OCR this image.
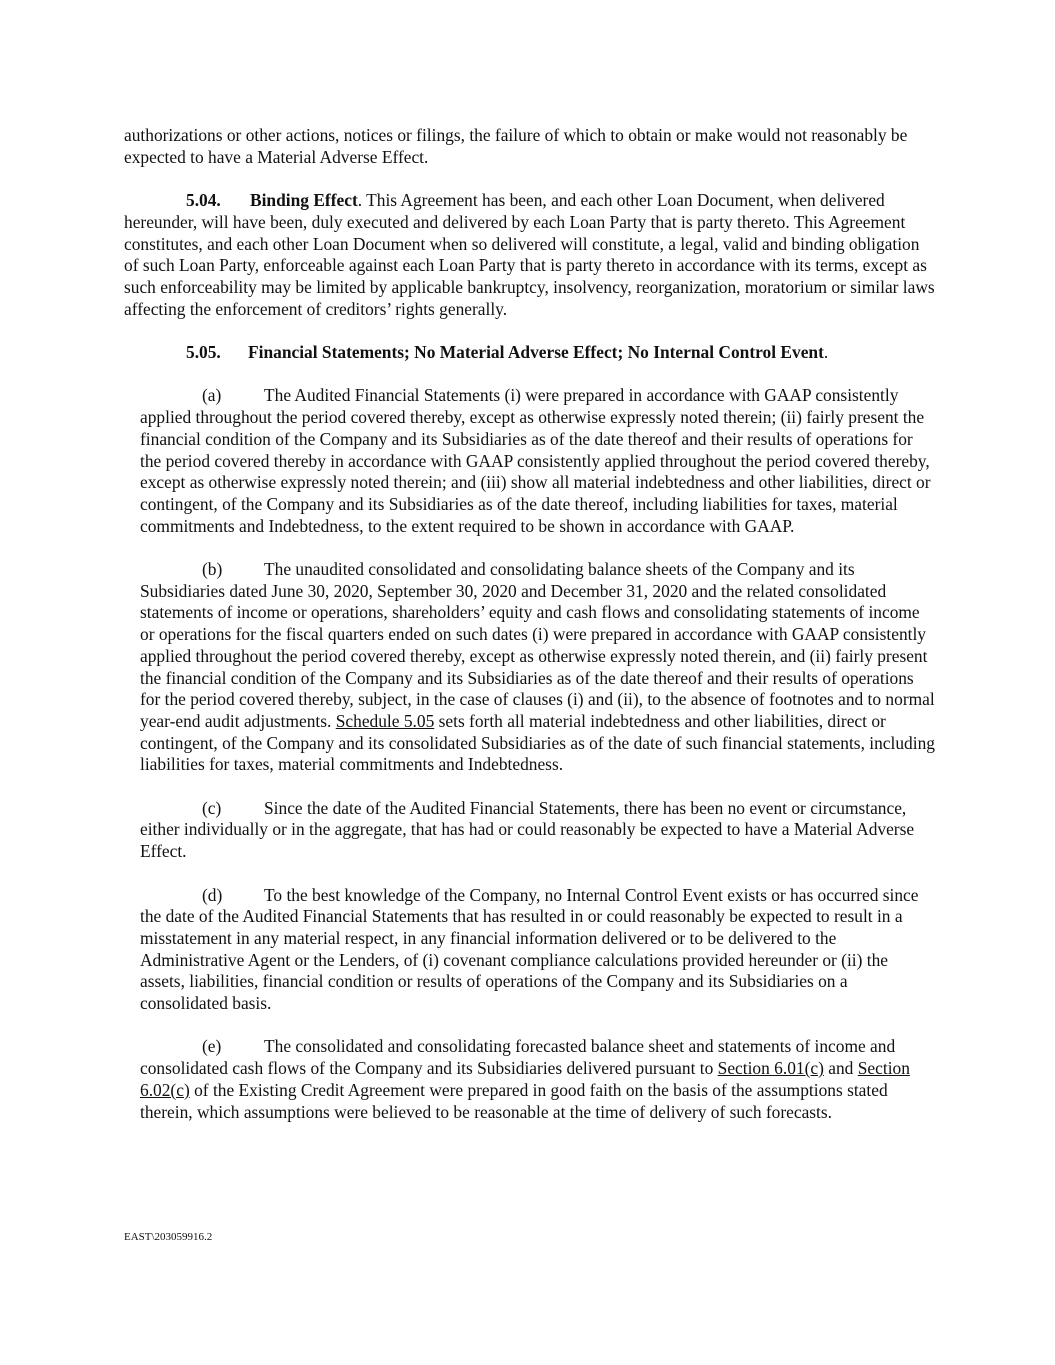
authorizations or other actions, notices or filings, the failure of which to obtain or make would not reasonably be expected to have a Material Adverse Effect.

5.04. Binding Effect. This Agreement has been, and each other Loan Document, when delivered hereunder, will have been, duly executed and delivered by each Loan Party that is party thereto. This Agreement constitutes, and each other Loan Document when so delivered will constitute, a legal, valid and binding obligation of such Loan Party, enforceable against each Loan Party that is party thereto in accordance with its terms, except as such enforceability may be limited by applicable bankruptcy, insolvency, reorganization, moratorium or similar laws affecting the enforcement of creditors’ rights generally.

5.05. Financial Statements; No Material Adverse Effect; No Internal Control Event.

(a) The Audited Financial Statements (i) were prepared in accordance with GAAP consistently applied throughout the period covered thereby, except as otherwise expressly noted therein; (ii) fairly present the financial condition of the Company and its Subsidiaries as of the date thereof and their results of operations for the period covered thereby in accordance with GAAP consistently applied throughout the period covered thereby, except as otherwise expressly noted therein; and (iii) show all material indebtedness and other liabilities, direct or contingent, of the Company and its Subsidiaries as of the date thereof, including liabilities for taxes, material commitments and Indebtedness, to the extent required to be shown in accordance with GAAP.

(b) The unaudited consolidated and consolidating balance sheets of the Company and its Subsidiaries dated June 30, 2020, September 30, 2020 and December 31, 2020 and the related consolidated statements of income or operations, shareholders’ equity and cash flows and consolidating statements of income or operations for the fiscal quarters ended on such dates (i) were prepared in accordance with GAAP consistently applied throughout the period covered thereby, except as otherwise expressly noted therein, and (ii) fairly present the financial condition of the Company and its Subsidiaries as of the date thereof and their results of operations for the period covered thereby, subject, in the case of clauses (i) and (ii), to the absence of footnotes and to normal year-end audit adjustments. Schedule 5.05 sets forth all material indebtedness and other liabilities, direct or contingent, of the Company and its consolidated Subsidiaries as of the date of such financial statements, including liabilities for taxes, material commitments and Indebtedness.

(c) Since the date of the Audited Financial Statements, there has been no event or circumstance, either individually or in the aggregate, that has had or could reasonably be expected to have a Material Adverse Effect.

(d) To the best knowledge of the Company, no Internal Control Event exists or has occurred since the date of the Audited Financial Statements that has resulted in or could reasonably be expected to result in a misstatement in any material respect, in any financial information delivered or to be delivered to the Administrative Agent or the Lenders, of (i) covenant compliance calculations provided hereunder or (ii) the assets, liabilities, financial condition or results of operations of the Company and its Subsidiaries on a consolidated basis.

(e) The consolidated and consolidating forecasted balance sheet and statements of income and consolidated cash flows of the Company and its Subsidiaries delivered pursuant to Section 6.01(c) and Section 6.02(c) of the Existing Credit Agreement were prepared in good faith on the basis of the assumptions stated therein, which assumptions were believed to be reasonable at the time of delivery of such forecasts.

EAST\203059916.2
